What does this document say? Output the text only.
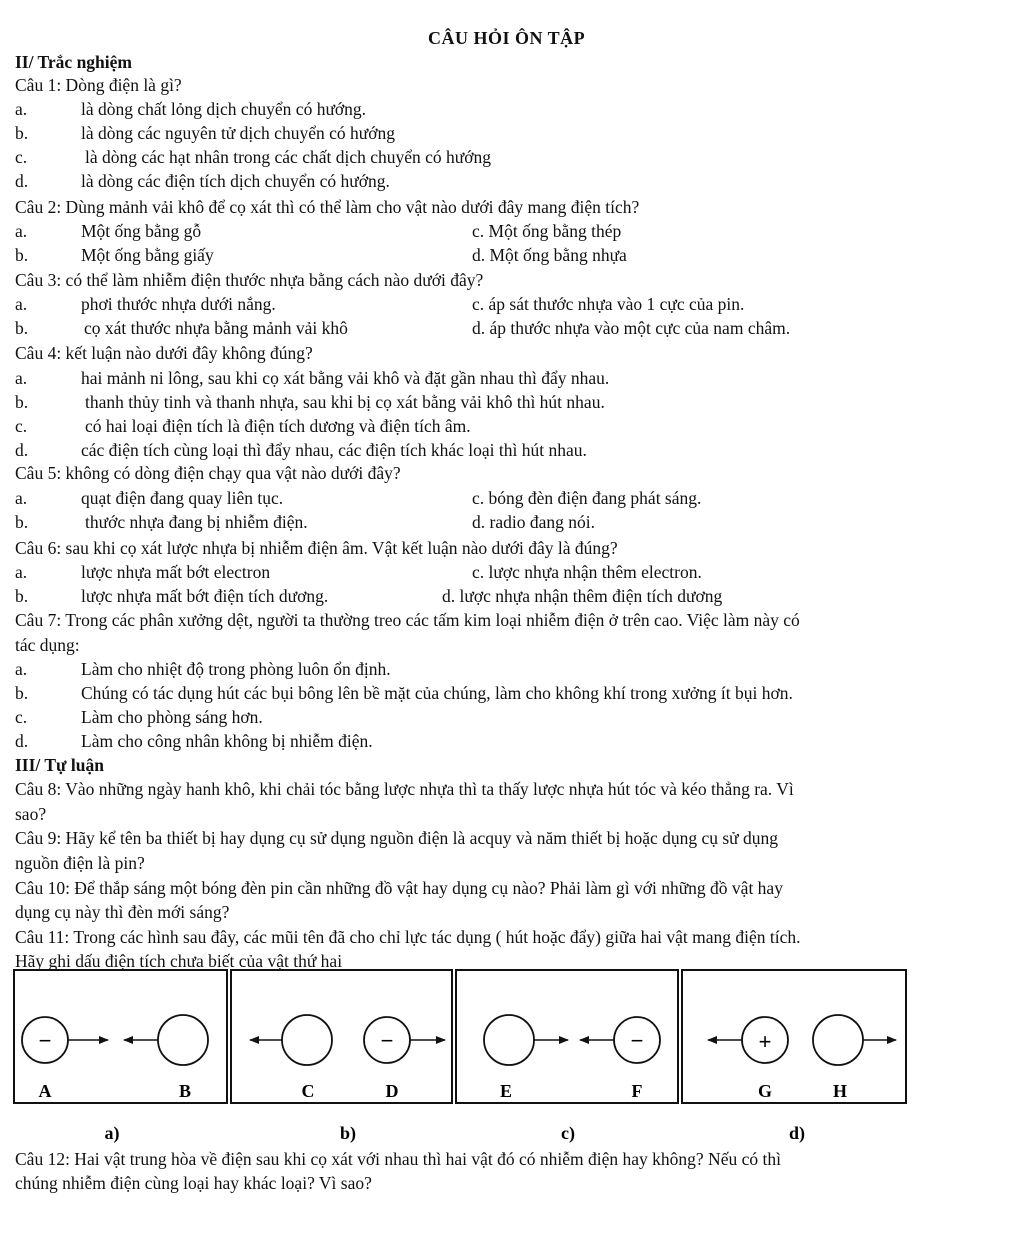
CÂU HỎI ÔN TẬP
II/ Trắc nghiệm
Câu 1: Dòng điện là gì?
a.	là dòng chất lỏng dịch chuyển có hướng.
b.	là dòng các nguyên tử dịch chuyển có hướng
c.	là dòng các hạt nhân trong các chất dịch chuyển có hướng
d.	là dòng các điện tích dịch chuyển có hướng.
Câu 2: Dùng mảnh vải khô để cọ xát thì có thể làm cho vật nào dưới đây mang điện tích?
a.	Một ống bằng gỗ	c. Một ống bằng thép
b.	Một ống bằng giấy	d. Một ống bằng nhựa
Câu 3: có thể làm nhiễm điện thước nhựa bằng cách nào dưới đây?
a.	phơi thước nhựa dưới nắng.	c. áp sát thước nhựa vào 1 cực của pin.
b.	cọ xát thước nhựa bằng mảnh vải khô	d. áp thước nhựa vào một cực của nam châm.
Câu 4: kết luận nào dưới đây không đúng?
a.	hai mảnh ni lông, sau khi cọ xát bằng vải khô và đặt gần nhau thì đẩy nhau.
b.	thanh thủy tinh và thanh nhựa, sau khi bị cọ xát bằng vải khô thì hút nhau.
c.	có hai loại điện tích là điện tích dương và điện tích âm.
d.	các điện tích cùng loại thì đẩy nhau, các điện tích khác loại thì hút nhau.
Câu 5: không có dòng điện chạy qua vật nào dưới đây?
a.	quạt điện đang quay liên tục.	c. bóng đèn điện đang phát sáng.
b.	thước nhựa đang bị nhiễm điện.	d. radio đang nói.
Câu 6: sau khi cọ xát lược nhựa bị nhiễm điện âm. Vật kết luận nào dưới đây là đúng?
a.	lược nhựa mất bớt electron	c. lược nhựa nhận thêm electron.
b.	lược nhựa mất bớt điện tích dương.	d. lược nhựa nhận thêm điện tích dương
Câu 7: Trong các phân xưởng dệt, người ta thường treo các tấm kim loại nhiễm điện ở trên cao. Việc làm này có
tác dụng:
a.	Làm cho nhiệt độ trong phòng luôn ổn định.
b.	Chúng có tác dụng hút các bụi bông lên bề mặt của chúng, làm cho không khí trong xưởng ít bụi hơn.
c.	Làm cho phòng sáng hơn.
d.	Làm cho công nhân không bị nhiễm điện.
III/ Tự luận
Câu 8: Vào những ngày hanh khô, khi chải tóc bằng lược nhựa thì ta thấy lược nhựa hút tóc và kéo thẳng ra. Vì
sao?
Câu 9: Hãy kể tên ba thiết bị hay dụng cụ sử dụng nguồn điện là acquy và năm thiết bị hoặc dụng cụ sử dụng
nguồn điện là pin?
Câu 10: Để thắp sáng một bóng đèn pin cần những đồ vật hay dụng cụ nào? Phải làm gì với những đồ vật hay
dụng cụ này thì đèn mới sáng?
Câu 11: Trong các hình sau đây, các mũi tên đã cho chỉ lực tác dụng ( hút hoặc đẩy) giữa hai vật mang điện tích.
Hãy ghi dấu điện tích chưa biết của vật thứ hai
−
A	B
−
C	D
−
E	F
+
G	H
a)	b)	c)	d)
Câu 12: Hai vật trung hòa về điện sau khi cọ xát với nhau thì hai vật đó có nhiễm điện hay không? Nếu có thì
chúng nhiễm điện cùng loại hay khác loại? Vì sao?
